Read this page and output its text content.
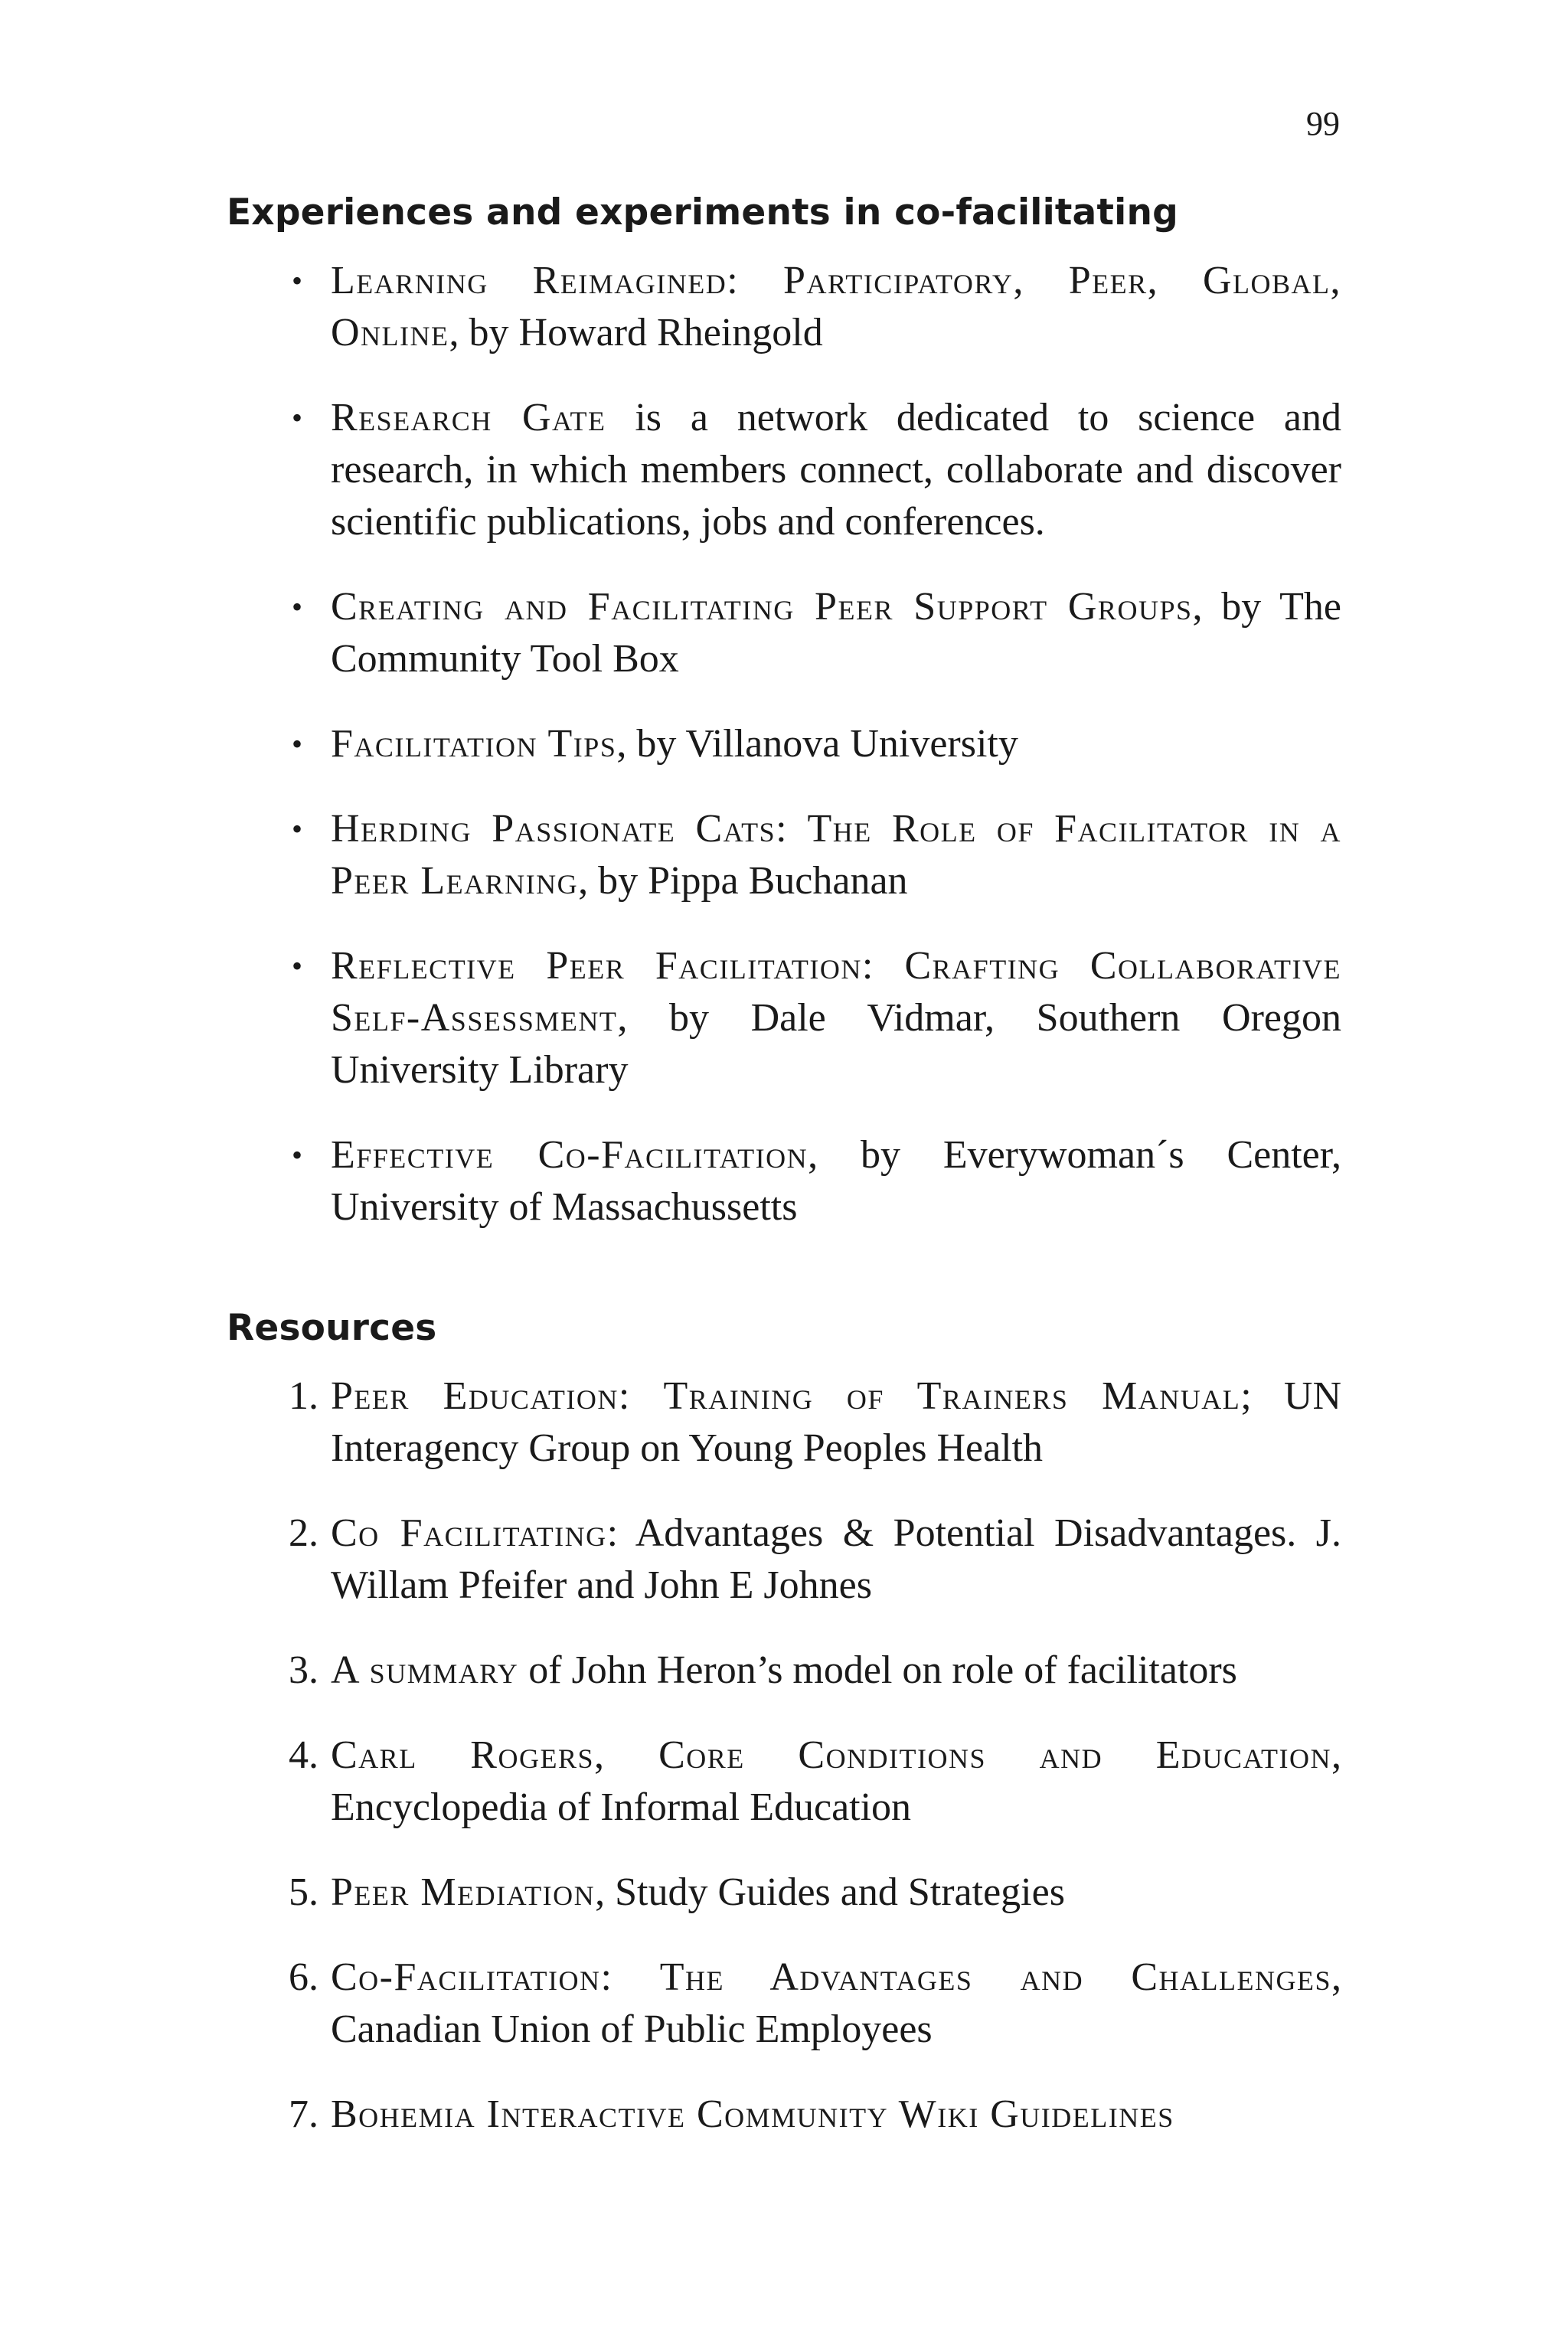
99
Experiences and experiments in co-facilitating
• Learning Reimagined: Participatory, Peer, Global, Online, by Howard Rheingold
• Research Gate is a network dedicated to science and research, in which members connect, collaborate and discover scientific publications, jobs and conferences.
• Creating and Facilitating Peer Support Groups, by The Community Tool Box
• Facilitation Tips, by Villanova University
• Herding Passionate Cats: The Role of Facilitator in a Peer Learning, by Pippa Buchanan
• Reflective Peer Facilitation: Crafting Collaborative Self-Assessment, by Dale Vidmar, Southern Oregon University Library
• Effective Co-Facilitation, by Everywoman´s Center, University of Massachussetts
Resources
1. Peer Education: Training of Trainers Manual; UN Interagency Group on Young Peoples Health
2. Co Facilitating: Advantages & Potential Disadvantages. J. Willam Pfeifer and John E Johnes
3. A summary of John Heron’s model on role of facilitators
4. Carl Rogers, Core Conditions and Education, Encyclopedia of Informal Education
5. Peer Mediation, Study Guides and Strategies
6. Co-Facilitation: The Advantages and Challenges, Canadian Union of Public Employees
7. Bohemia Interactive Community Wiki Guidelines
